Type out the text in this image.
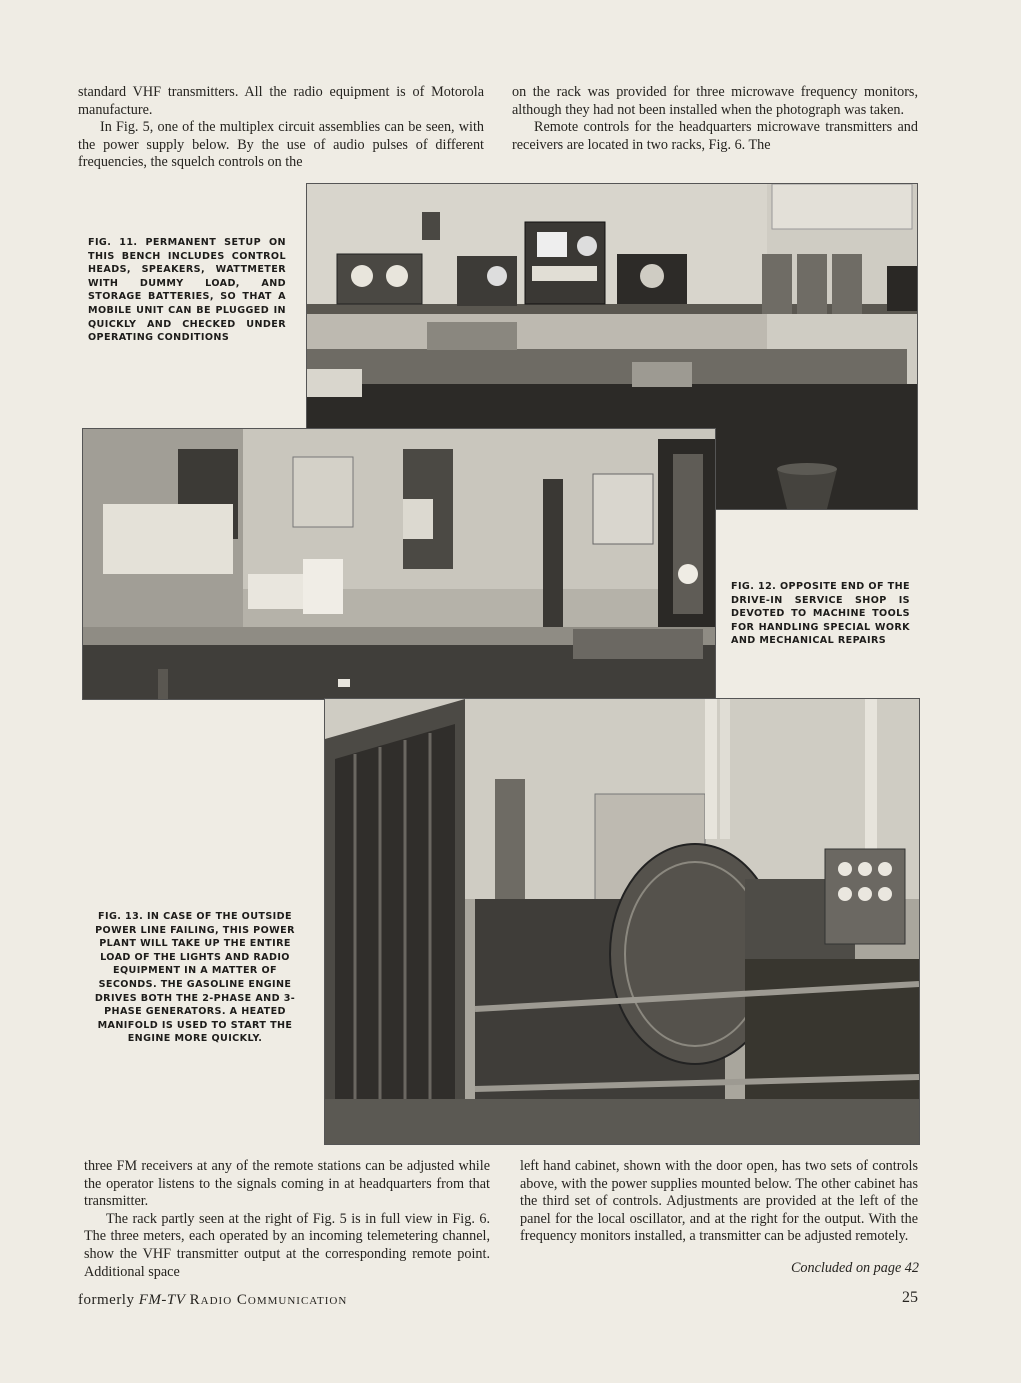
standard VHF transmitters. All the radio equipment is of Motorola manufacture.

In Fig. 5, one of the multiplex circuit assemblies can be seen, with the power supply below. By the use of audio pulses of different frequencies, the squelch controls on the

on the rack was provided for three microwave frequency monitors, although they had not been installed when the photograph was taken.

Remote controls for the headquarters microwave transmitters and receivers are located in two racks, Fig. 6. The

FIG. 11. PERMANENT SETUP ON THIS BENCH INCLUDES CONTROL HEADS, SPEAKERS, WATTMETER WITH DUMMY LOAD, AND STORAGE BATTERIES, SO THAT A MOBILE UNIT CAN BE PLUGGED IN QUICKLY AND CHECKED UNDER OPERATING CONDITIONS

FIG. 12. OPPOSITE END OF THE DRIVE-IN SERVICE SHOP IS DEVOTED TO MACHINE TOOLS FOR HANDLING SPECIAL WORK AND MECHANICAL REPAIRS

FIG. 13. IN CASE OF THE OUTSIDE POWER LINE FAILING, THIS POWER PLANT WILL TAKE UP THE ENTIRE LOAD OF THE LIGHTS AND RADIO EQUIPMENT IN A MATTER OF SECONDS. THE GASOLINE ENGINE DRIVES BOTH THE 2-PHASE AND 3-PHASE GENERATORS. A HEATED MANIFOLD IS USED TO START THE ENGINE MORE QUICKLY.

three FM receivers at any of the remote stations can be adjusted while the operator listens to the signals coming in at headquarters from that transmitter.

The rack partly seen at the right of Fig. 5 is in full view in Fig. 6. The three meters, each operated by an incoming telemetering channel, show the VHF transmitter output at the corresponding remote point. Additional space

left hand cabinet, shown with the door open, has two sets of controls above, with the power supplies mounted below. The other cabinet has the third set of controls. Adjustments are provided at the left of the panel for the local oscillator, and at the right for the output. With the frequency monitors installed, a transmitter can be adjusted remotely.

Concluded on page 42
formerly FM-TV Radio Communication	25
